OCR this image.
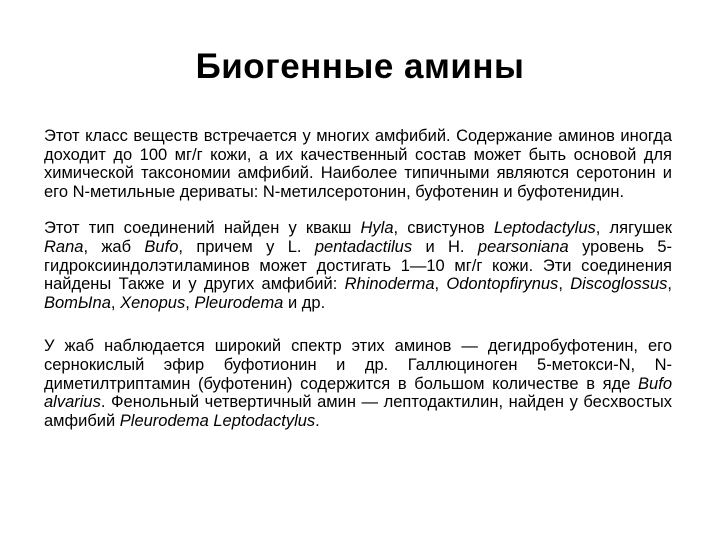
Биогенные амины

Этот класс веществ встречается у многих амфибий. Содержание аминов иногда доходит до 100 мг/г кожи, а их качественный состав может быть основой для химической таксономии амфибий. Наиболее типичными являются серотонин и его N-метильные дериваты: N-метилсеротонин, буфотенин и буфотенидин.

Этот тип соединений найден у квакш Hyla, свистунов Leptodactylus, лягушек Rana, жаб Bufo, причем у L. pentadactilus и H. pearsoniana уровень 5-гидроксииндолэтиламинов может достигать 1—10 мг/г кожи. Эти соединения найдены Также и у других амфибий: Rhinoderma, Odontopfirynus, Discoglossus, BomЫna, Xenopus, Pleurodema и др.

У жаб наблюдается широкий спектр этих аминов — дегидробуфотенин, его сернокислый эфир буфотионин и др. Галлюциноген 5-метокси-N, N-диметилтриптамин (буфотенин) содержится в большом количестве в яде Bufo alvarius. Фенольный четвертичный амин — лептодактилин, найден у бесхвостых амфибий Pleurodema Leptodactylus.
